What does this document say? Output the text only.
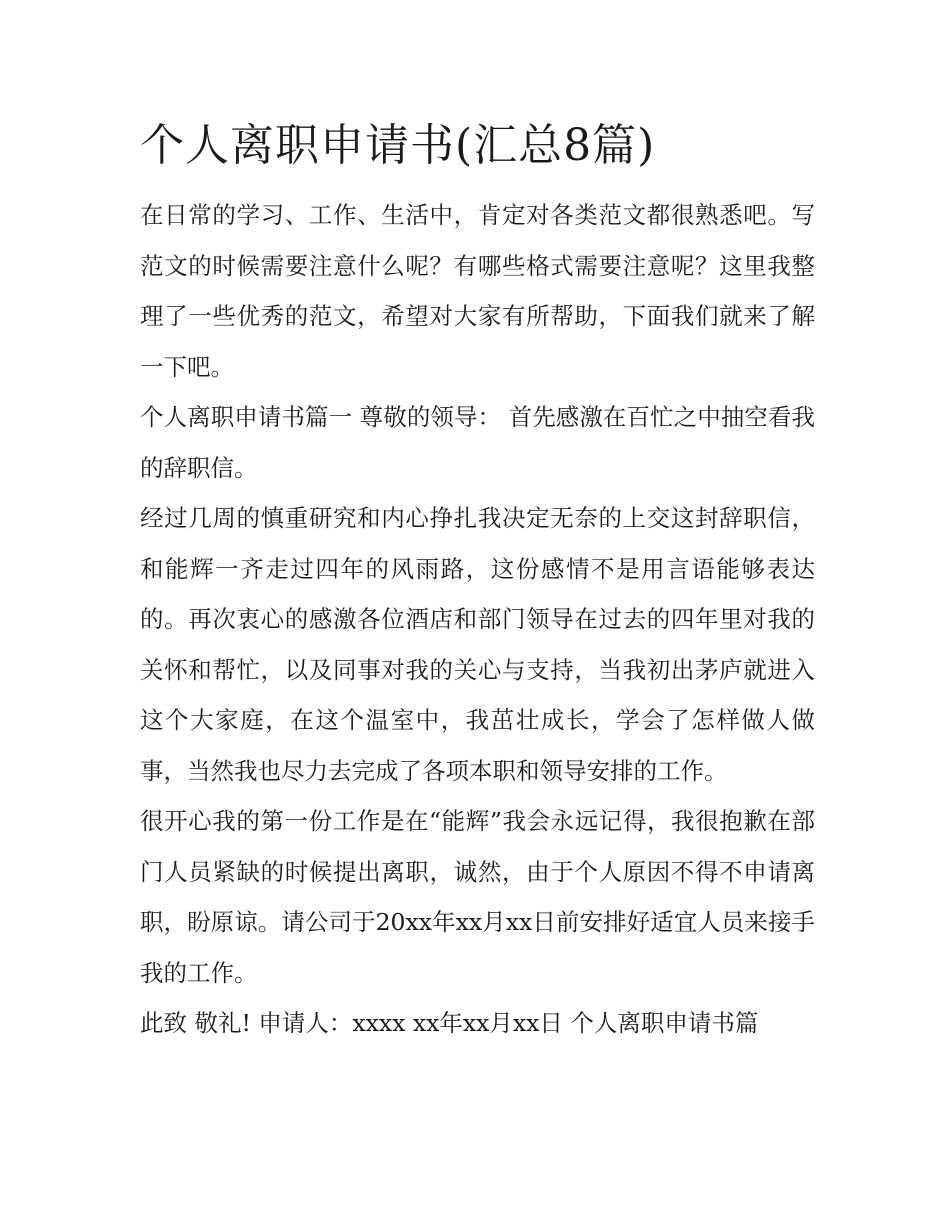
个人离职申请书(汇总8篇)

在日常的学习、工作、生活中，肯定对各类范文都很熟悉吧。写范文的时候需要注意什么呢？有哪些格式需要注意呢？这里我整理了一些优秀的范文，希望对大家有所帮助，下面我们就来了解一下吧。

个人离职申请书篇一 尊敬的领导： 首先感激在百忙之中抽空看我的辞职信。

经过几周的慎重研究和内心挣扎我决定无奈的上交这封辞职信，和能辉一齐走过四年的风雨路，这份感情不是用言语能够表达的。再次衷心的感激各位酒店和部门领导在过去的四年里对我的关怀和帮忙，以及同事对我的关心与支持，当我初出茅庐就进入这个大家庭，在这个温室中，我茁壮成长，学会了怎样做人做事，当然我也尽力去完成了各项本职和领导安排的工作。

很开心我的第一份工作是在“能辉”我会永远记得，我很抱歉在部门人员紧缺的时候提出离职，诚然，由于个人原因不得不申请离职，盼原谅。请公司于20xx年xx月xx日前安排好适宜人员来接手我的工作。

此致 敬礼! 申请人：xxxx xx年xx月xx日 个人离职申请书篇
